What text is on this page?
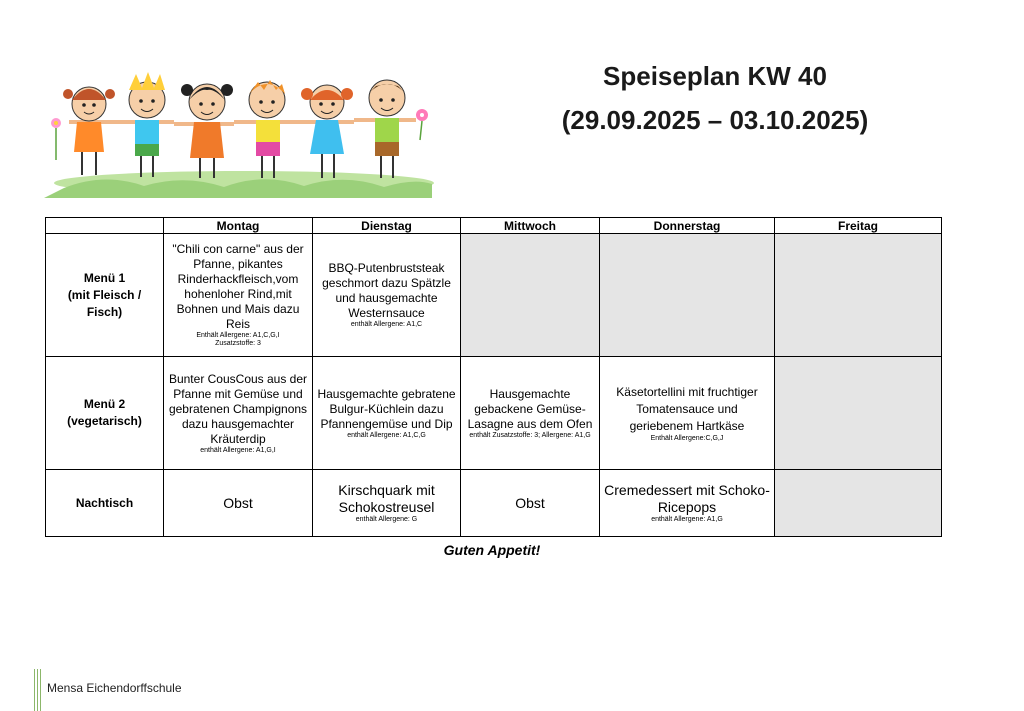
Speiseplan KW 40
(29.09.2025 – 03.10.2025)
	Montag	Dienstag	Mittwoch	Donnerstag	Freitag
Menü 1
(mit Fleisch /
Fisch)	"Chili con carne" aus der Pfanne, pikantes Rinderhackfleisch,vom hohenloher Rind,mit Bohnen und Mais dazu Reis
Enthält Allergene: A1,C,G,I
Zusatzstoffe: 3	BBQ-Putenbruststeak geschmort dazu Spätzle und hausgemachte Westernsauce
enthält Allergene: A1,C			

Menü 2
(vegetarisch)	Bunter CousCous aus der Pfanne mit Gemüse und gebratenen Champignons dazu hausgemachter Kräuterdip
enthält Allergene: A1,G,I	Hausgemachte gebratene Bulgur-Küchlein dazu Pfannengemüse und Dip
enthält Allergene: A1,C,G	Hausgemachte gebackene Gemüse-Lasagne aus dem Ofen
enthält Zusatzstoffe: 3; Allergene: A1,G	Käsetortellini mit fruchtiger Tomatensauce und geriebenem Hartkäse
Enthält Allergene:C,G,J	

Nachtisch	Obst	Kirschquark mit Schokostreusel
enthält Allergene: G	Obst	Cremedessert mit Schoko-Ricepops
enthält Allergene: A1,G	

Guten Appetit!
Mensa Eichendorffschule
